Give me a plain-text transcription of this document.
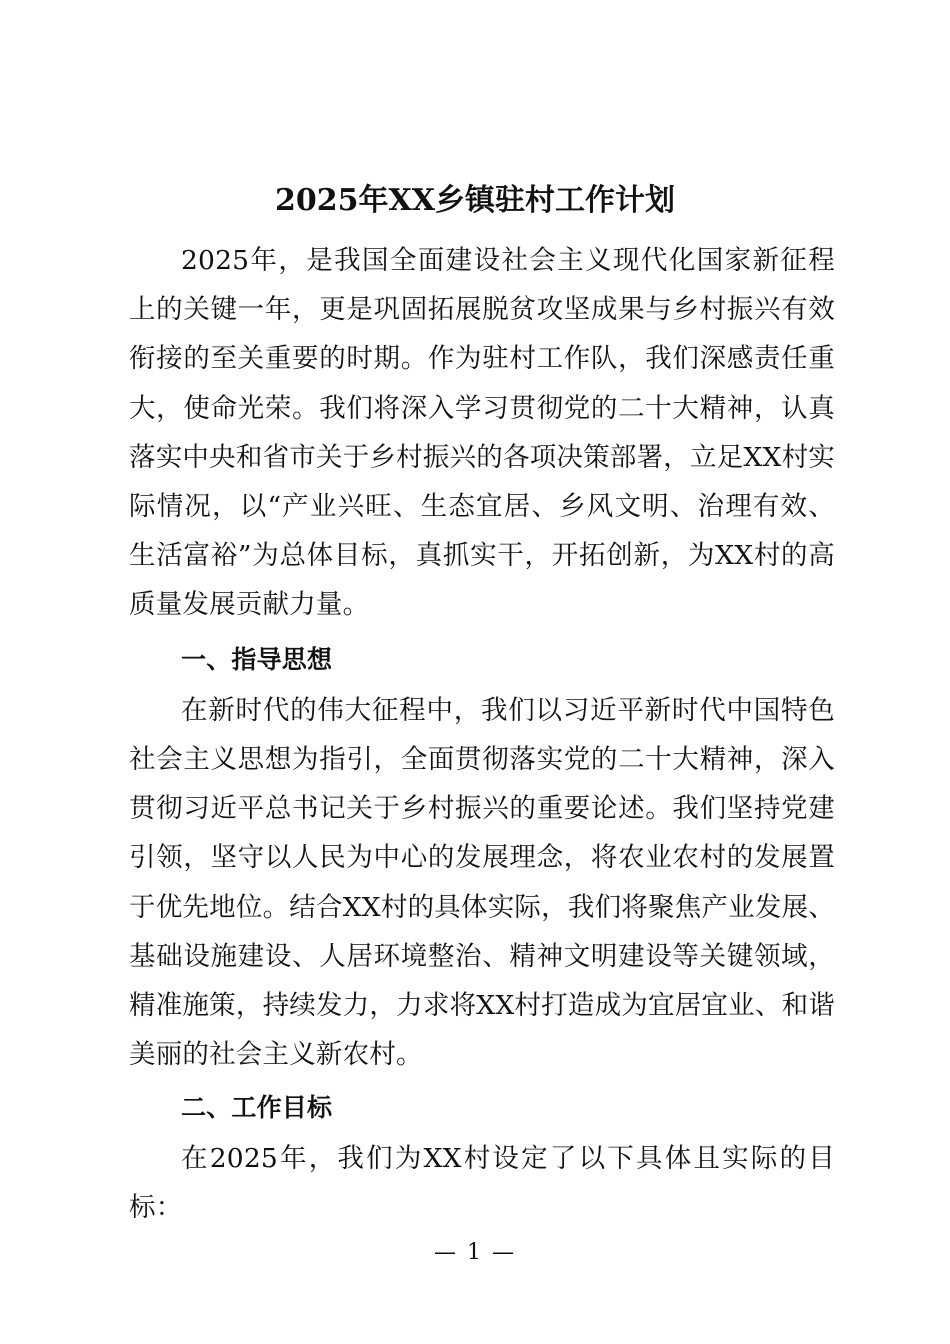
2025年XX乡镇驻村工作计划

2025年，是我国全面建设社会主义现代化国家新征程上的关键一年，更是巩固拓展脱贫攻坚成果与乡村振兴有效衔接的至关重要的时期。作为驻村工作队，我们深感责任重大，使命光荣。我们将深入学习贯彻党的二十大精神，认真落实中央和省市关于乡村振兴的各项决策部署，立足XX村实际情况，以“产业兴旺、生态宜居、乡风文明、治理有效、生活富裕”为总体目标，真抓实干，开拓创新，为XX村的高质量发展贡献力量。

一、指导思想

在新时代的伟大征程中，我们以习近平新时代中国特色社会主义思想为指引，全面贯彻落实党的二十大精神，深入贯彻习近平总书记关于乡村振兴的重要论述。我们坚持党建引领，坚守以人民为中心的发展理念，将农业农村的发展置于优先地位。结合XX村的具体实际，我们将聚焦产业发展、基础设施建设、人居环境整治、精神文明建设等关键领域，精准施策，持续发力，力求将XX村打造成为宜居宜业、和谐美丽的社会主义新农村。

二、工作目标

在2025年，我们为XX村设定了以下具体且实际的目标：

— 1 —
